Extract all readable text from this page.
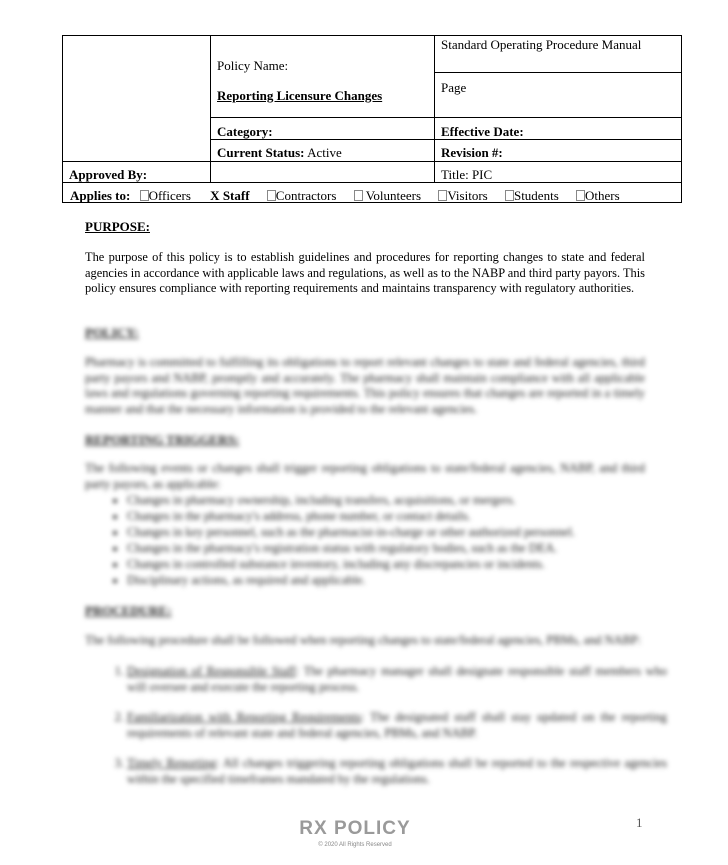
Standard Operating Procedure Manual
Policy Name:
Reporting Licensure Changes
Page
Category:	Effective Date:
Current Status: Active	Revision #:
Approved By:	Title: PIC
Applies to: Officers X Staff Contractors Volunteers Visitors Students Others
PURPOSE:
The purpose of this policy is to establish guidelines and procedures for reporting changes to state and federal agencies in accordance with applicable laws and regulations, as well as to the NABP and third party payors. This policy ensures compliance with reporting requirements and maintains transparency with regulatory authorities.
POLICY:
Pharmacy is committed to fulfilling its obligations to report relevant changes to state and federal agencies, third party payors and NABP, promptly and accurately. The pharmacy shall maintain compliance with all applicable laws and regulations governing reporting requirements. This policy ensures that changes are reported in a timely manner and that the necessary information is provided to the relevant agencies.
REPORTING TRIGGERS:
The following events or changes shall trigger reporting obligations to state/federal agencies, NABP, and third party payors, as applicable:
• Changes in pharmacy ownership, including transfers, acquisitions, or mergers.
• Changes in the pharmacy's address, phone number, or contact details.
• Changes in key personnel, such as the pharmacist-in-charge or other authorized personnel.
• Changes in the pharmacy's registration status with regulatory bodies, such as the DEA.
• Changes in controlled substance inventory, including any discrepancies or incidents.
• Disciplinary actions, as required and applicable.
PROCEDURE:
The following procedure shall be followed when reporting changes to state/federal agencies, PBMs, and NABP:
1. Designation of Responsible Staff: The pharmacy manager shall designate responsible staff members who will oversee and execute the reporting process.
2. Familiarization with Reporting Requirements: The designated staff shall stay updated on the reporting requirements of relevant state and federal agencies, PBMs, and NABP.
3. Timely Reporting: All changes triggering reporting obligations shall be reported to the respective agencies within the specified timeframes mandated by the regulations.
1
RX POLICY
© 2020 All Rights Reserved
